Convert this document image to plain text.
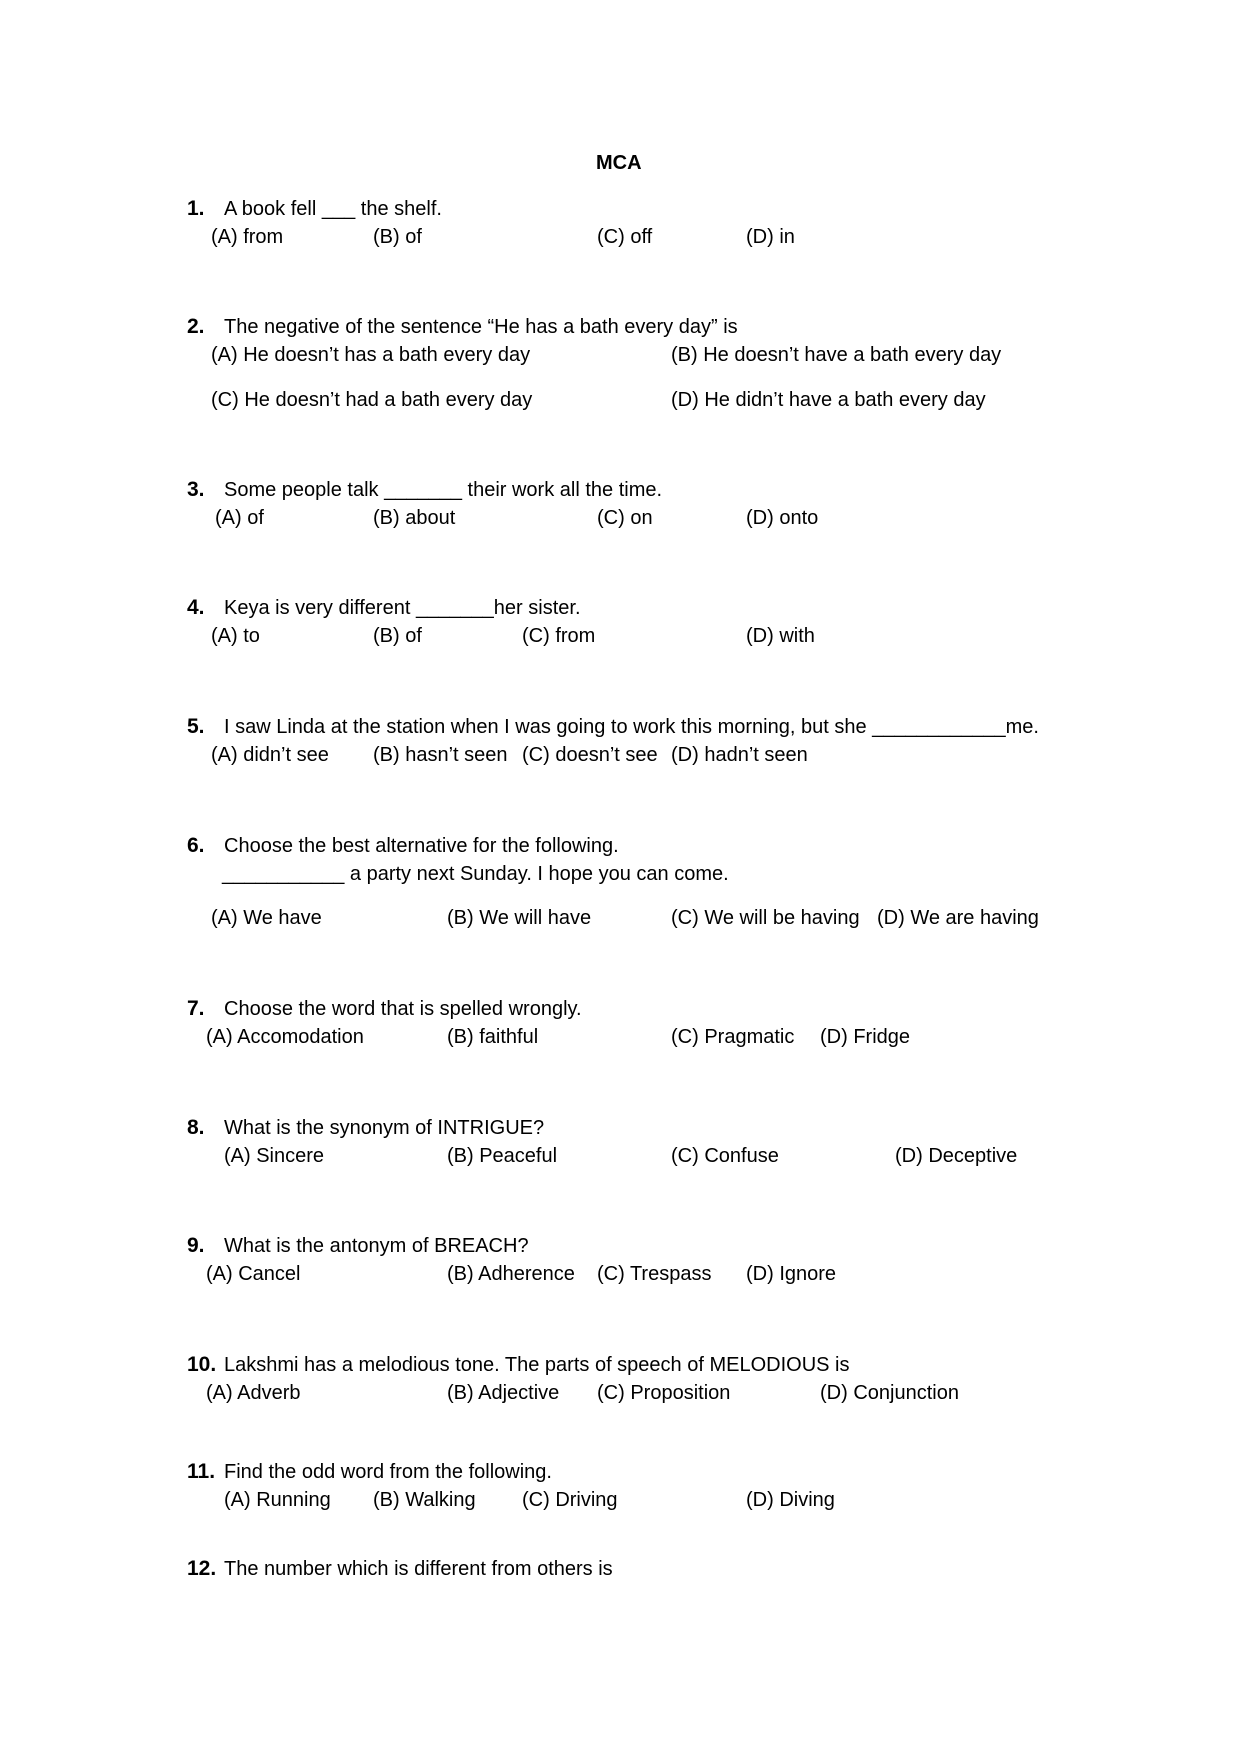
MCA
1. A book fell ___ the shelf.
(A) from	(B) of	(C) off	(D) in
2. The negative of the sentence “He has a bath every day” is
(A) He doesn’t has a bath every day	(B) He doesn’t have a bath every day
(C) He doesn’t had a bath every day	(D) He didn’t have a bath every day
3. Some people talk _______ their work all the time.
(A) of	(B) about	(C) on	(D) onto
4. Keya is very different _______her sister.
(A) to	(B) of	(C) from	(D) with
5. I saw Linda at the station when I was going to work this morning, but she ____________me.
(A) didn’t see (B) hasn’t seen (C) doesn’t see (D) hadn’t seen
6. Choose the best alternative for the following.
___________ a party next Sunday. I hope you can come.
(A) We have	(B) We will have	(C) We will be having (D) We are having
7. Choose the word that is spelled wrongly.
(A) Accomodation	(B) faithful	(C) Pragmatic (D) Fridge
8. What is the synonym of INTRIGUE?
(A) Sincere	(B) Peaceful	(C) Confuse	(D) Deceptive
9. What is the antonym of BREACH?
(A) Cancel	(B) Adherence (C) Trespass (D) Ignore
10. Lakshmi has a melodious tone. The parts of speech of MELODIOUS is
(A) Adverb	(B) Adjective (C) Proposition	(D) Conjunction
11. Find the odd word from the following.
(A) Running (B) Walking (C) Driving	(D) Diving
12. The number which is different from others is
